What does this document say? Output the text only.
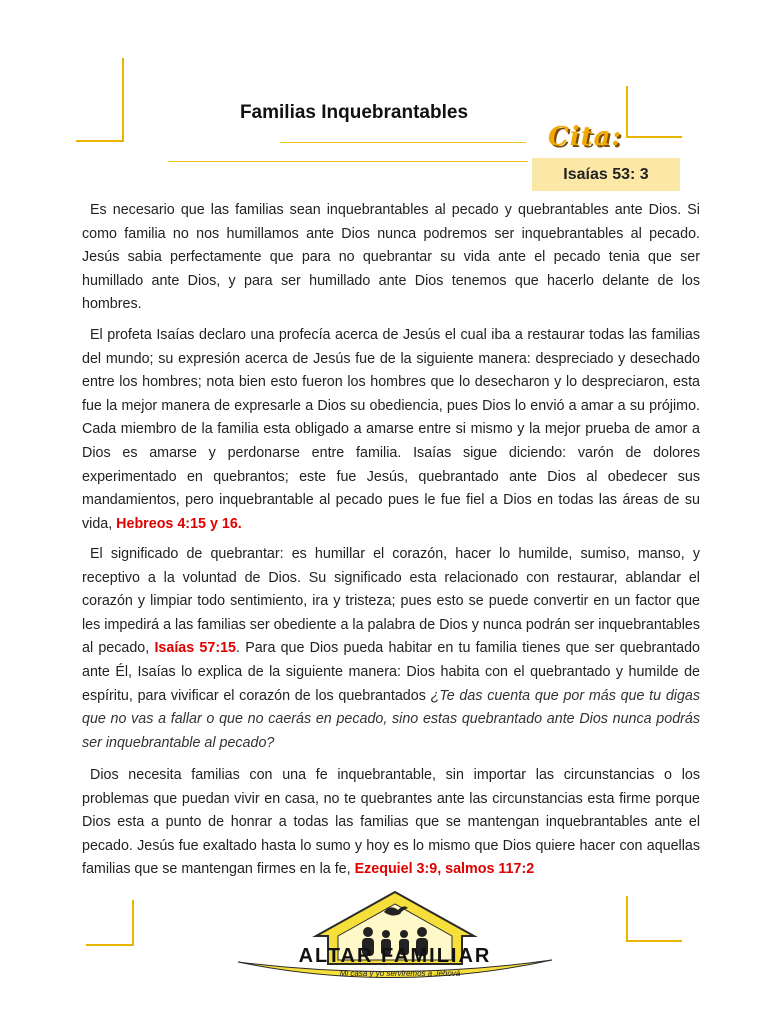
Familias Inquebrantables
Cita:
Isaías 53: 3

Es necesario que las familias sean inquebrantables al pecado y quebrantables ante Dios. Si como familia no nos humillamos ante Dios nunca podremos ser inquebrantables al pecado. Jesús sabia perfectamente que para no quebrantar su vida ante el pecado tenia que ser humillado ante Dios, y para ser humillado ante Dios tenemos que hacerlo delante de los hombres.

El profeta Isaías declaro una profecía acerca de Jesús el cual iba a restaurar todas las familias del mundo; su expresión acerca de Jesús fue de la siguiente manera: despreciado y desechado entre los hombres; nota bien esto fueron los hombres que lo desecharon y lo despreciaron, esta fue la mejor manera de expresarle a Dios su obediencia, pues Dios lo envió a amar a su prójimo. Cada miembro de la familia esta obligado a amarse entre si mismo y la mejor prueba de amor a Dios es amarse y perdonarse entre familia. Isaías sigue diciendo: varón de dolores experimentado en quebrantos; este fue Jesús, quebrantado ante Dios al obedecer sus mandamientos, pero inquebrantable al pecado pues le fue fiel a Dios en todas las áreas de su vida, Hebreos 4:15 y 16.

El significado de quebrantar: es humillar el corazón, hacer lo humilde, sumiso, manso, y receptivo a la voluntad de Dios. Su significado esta relacionado con restaurar, ablandar el corazón y limpiar todo sentimiento, ira y tristeza; pues esto se puede convertir en un factor que les impedirá a las familias ser obediente a la palabra de Dios y nunca podrán ser inquebrantables al pecado, Isaías 57:15. Para que Dios pueda habitar en tu familia tienes que ser quebrantado ante Él, Isaías lo explica de la siguiente manera: Dios habita con el quebrantado y humilde de espíritu, para vivificar el corazón de los quebrantados ¿Te das cuenta que por más que tu digas que no vas a fallar o que no caerás en pecado, sino estas quebrantado ante Dios nunca podrás ser inquebrantable al pecado?

Dios necesita familias con una fe inquebrantable, sin importar las circunstancias o los problemas que puedan vivir en casa, no te quebrantes ante las circunstancias esta firme porque Dios esta a punto de honrar a todas las familias que se mantengan inquebrantables ante el pecado. Jesús fue exaltado hasta lo sumo y hoy es lo mismo que Dios quiere hacer con aquellas familias que se mantengan firmes en la fe, Ezequiel 3:9, salmos 117:2

ALTAR FAMILIAR
Mi casa y yo serviremos a Jehová
